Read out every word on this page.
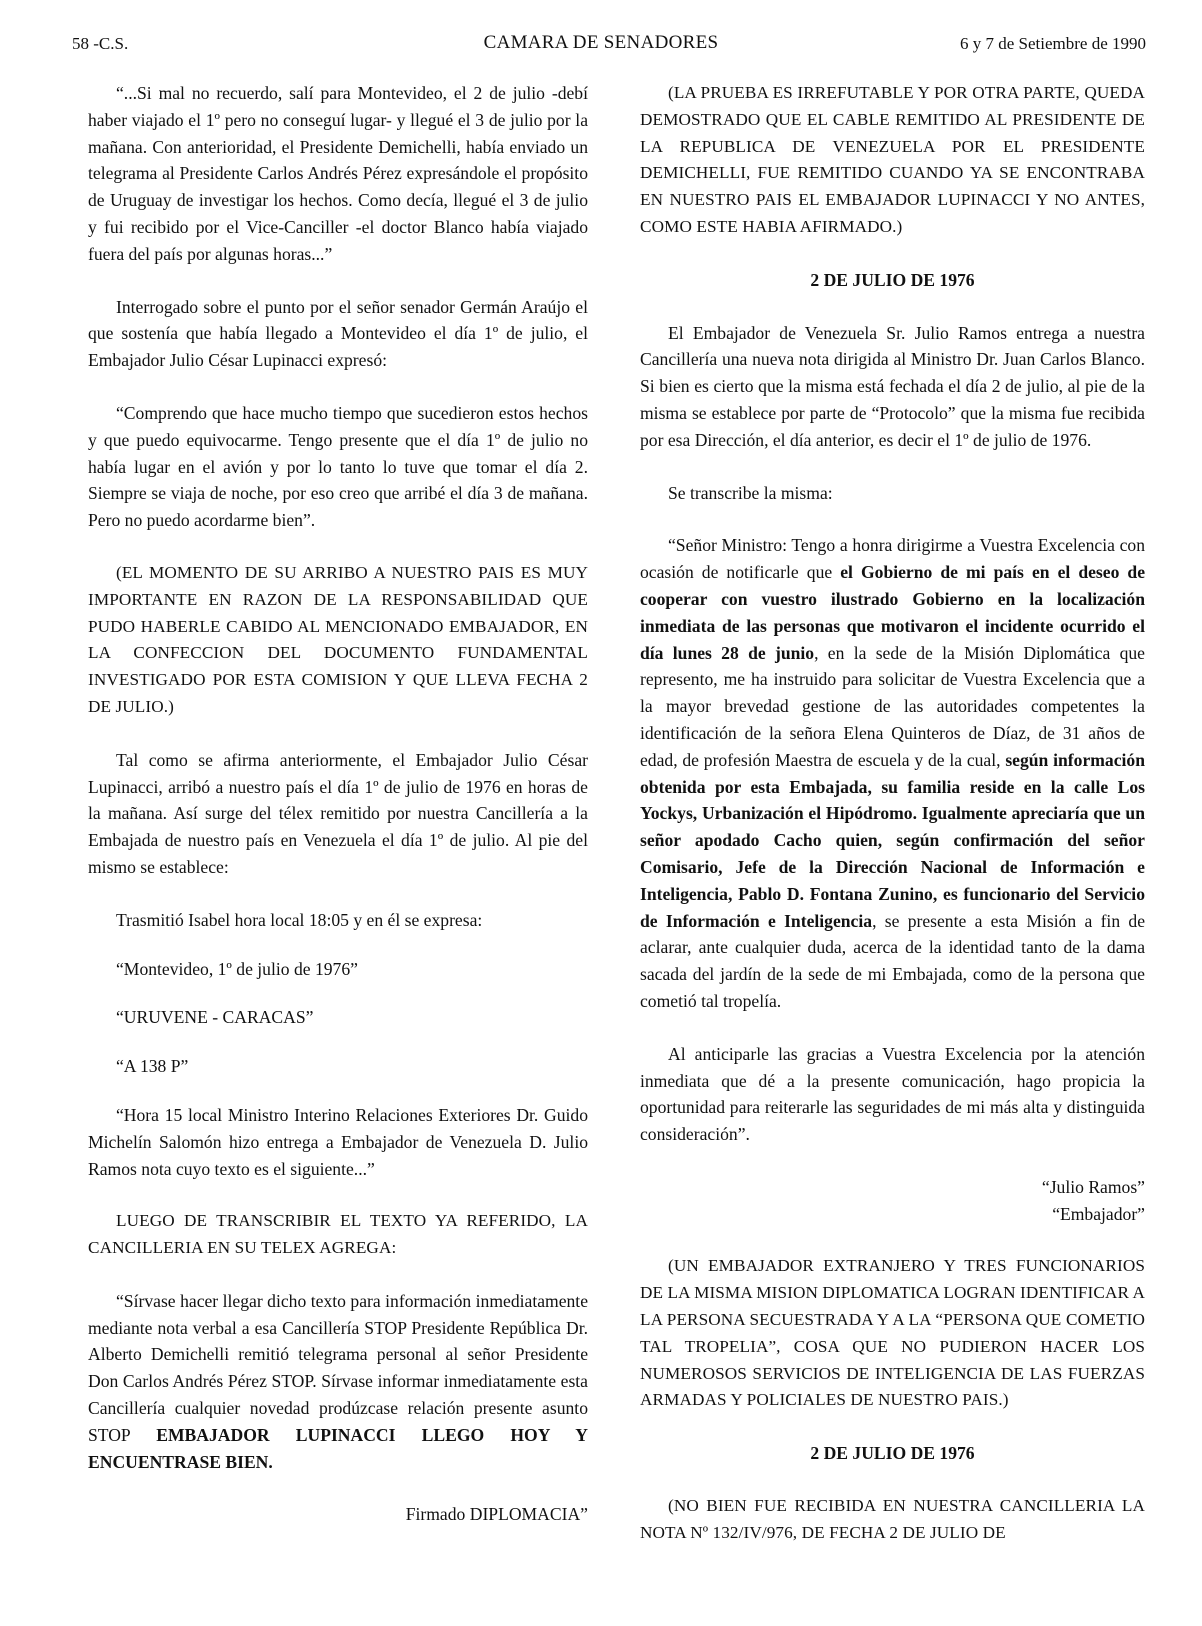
58 -C.S.	CAMARA DE SENADORES	6 y 7 de Setiembre de 1990

“...Si mal no recuerdo, salí para Montevideo, el 2 de julio -debí haber viajado el 1º pero no conseguí lugar- y llegué el 3 de julio por la mañana. Con anterioridad, el Presidente Demichelli, había enviado un telegrama al Presidente Carlos Andrés Pérez expresándole el propósito de Uruguay de investigar los hechos. Como decía, llegué el 3 de julio y fui recibido por el Vice-Canciller -el doctor Blanco había viajado fuera del país por algunas horas...”

Interrogado sobre el punto por el señor senador Germán Araújo el que sostenía que había llegado a Montevideo el día 1º de julio, el Embajador Julio César Lupinacci expresó:

“Comprendo que hace mucho tiempo que sucedieron estos hechos y que puedo equivocarme. Tengo presente que el día 1º de julio no había lugar en el avión y por lo tanto lo tuve que tomar el día 2. Siempre se viaja de noche, por eso creo que arribé el día 3 de mañana. Pero no puedo acordarme bien”.

(EL MOMENTO DE SU ARRIBO A NUESTRO PAIS ES MUY IMPORTANTE EN RAZON DE LA RESPONSABILIDAD QUE PUDO HABERLE CABIDO AL MENCIONADO EMBAJADOR, EN LA CONFECCION DEL DOCUMENTO FUNDAMENTAL INVESTIGADO POR ESTA COMISION Y QUE LLEVA FECHA 2 DE JULIO.)

Tal como se afirma anteriormente, el Embajador Julio César Lupinacci, arribó a nuestro país el día 1º de julio de 1976 en horas de la mañana. Así surge del télex remitido por nuestra Cancillería a la Embajada de nuestro país en Venezuela el día 1º de julio. Al pie del mismo se establece:

Trasmitió Isabel hora local 18:05 y en él se expresa:

“Montevideo, 1º de julio de 1976”

“URUVENE - CARACAS”

“A 138 P”

“Hora 15 local Ministro Interino Relaciones Exteriores Dr. Guido Michelín Salomón hizo entrega a Embajador de Venezuela D. Julio Ramos nota cuyo texto es el siguiente...”

LUEGO DE TRANSCRIBIR EL TEXTO YA REFERIDO, LA CANCILLERIA EN SU TELEX AGREGA:

“Sírvase hacer llegar dicho texto para información inmediatamente mediante nota verbal a esa Cancillería STOP Presidente República Dr. Alberto Demichelli remitió telegrama personal al señor Presidente Don Carlos Andrés Pérez STOP. Sírvase informar inmediatamente esta Cancillería cualquier novedad prodúzcase relación presente asunto STOP EMBAJADOR LUPINACCI LLEGO HOY Y ENCUENTRASE BIEN.

Firmado DIPLOMACIA”

(LA PRUEBA ES IRREFUTABLE Y POR OTRA PARTE, QUEDA DEMOSTRADO QUE EL CABLE REMITIDO AL PRESIDENTE DE LA REPUBLICA DE VENEZUELA POR EL PRESIDENTE DEMICHELLI, FUE REMITIDO CUANDO YA SE ENCONTRABA EN NUESTRO PAIS EL EMBAJADOR LUPINACCI Y NO ANTES, COMO ESTE HABIA AFIRMADO.)

2 DE JULIO DE 1976

El Embajador de Venezuela Sr. Julio Ramos entrega a nuestra Cancillería una nueva nota dirigida al Ministro Dr. Juan Carlos Blanco. Si bien es cierto que la misma está fechada el día 2 de julio, al pie de la misma se establece por parte de “Protocolo” que la misma fue recibida por esa Dirección, el día anterior, es decir el 1º de julio de 1976.

Se transcribe la misma:

“Señor Ministro: Tengo a honra dirigirme a Vuestra Excelencia con ocasión de notificarle que el Gobierno de mi país en el deseo de cooperar con vuestro ilustrado Gobierno en la localización inmediata de las personas que motivaron el incidente ocurrido el día lunes 28 de junio, en la sede de la Misión Diplomática que represento, me ha instruido para solicitar de Vuestra Excelencia que a la mayor brevedad gestione de las autoridades competentes la identificación de la señora Elena Quinteros de Díaz, de 31 años de edad, de profesión Maestra de escuela y de la cual, según información obtenida por esta Embajada, su familia reside en la calle Los Yockys, Urbanización el Hipódromo. Igualmente apreciaría que un señor apodado Cacho quien, según confirmación del señor Comisario, Jefe de la Dirección Nacional de Información e Inteligencia, Pablo D. Fontana Zunino, es funcionario del Servicio de Información e Inteligencia, se presente a esta Misión a fin de aclarar, ante cualquier duda, acerca de la identidad tanto de la dama sacada del jardín de la sede de mi Embajada, como de la persona que cometió tal tropelía.

Al anticiparle las gracias a Vuestra Excelencia por la atención inmediata que dé a la presente comunicación, hago propicia la oportunidad para reiterarle las seguridades de mi más alta y distinguida consideración”.

“Julio Ramos”

“Embajador”

(UN EMBAJADOR EXTRANJERO Y TRES FUNCIONARIOS DE LA MISMA MISION DIPLOMATICA LOGRAN IDENTIFICAR A LA PERSONA SECUESTRADA Y A LA “PERSONA QUE COMETIO TAL TROPELIA”, COSA QUE NO PUDIERON HACER LOS NUMEROSOS SERVICIOS DE INTELIGENCIA DE LAS FUERZAS ARMADAS Y POLICIALES DE NUESTRO PAIS.)

2 DE JULIO DE 1976

(NO BIEN FUE RECIBIDA EN NUESTRA CANCILLERIA LA NOTA Nº 132/IV/976, DE FECHA 2 DE JULIO DE
